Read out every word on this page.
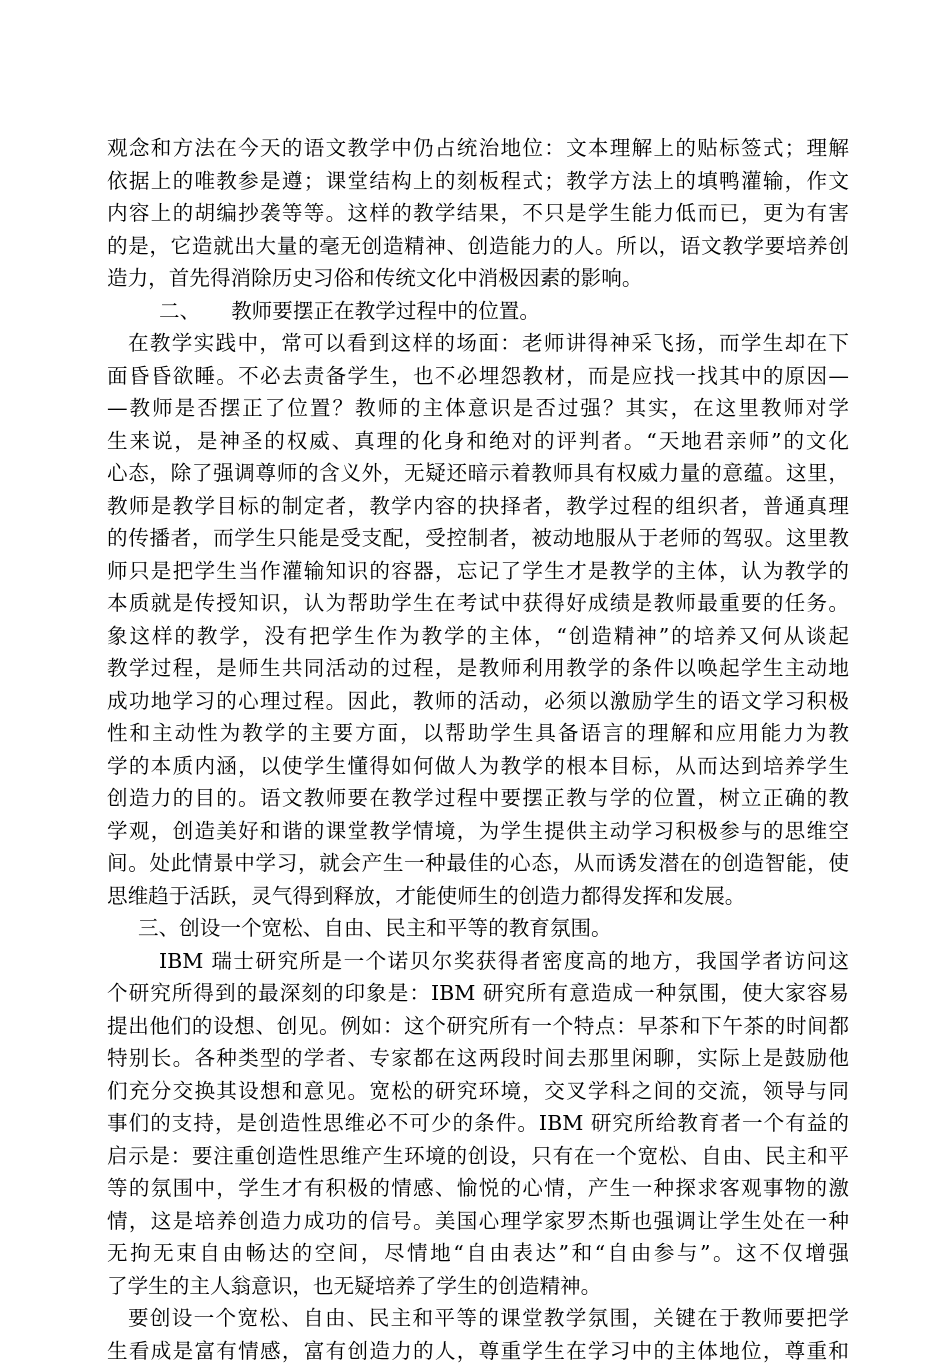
观念和方法在今天的语文教学中仍占统治地位：文本理解上的贴标签式；理解
依据上的唯教参是遵；课堂结构上的刻板程式；教学方法上的填鸭灌输，作文
内容上的胡编抄袭等等。这样的教学结果，不只是学生能力低而已，更为有害
的是，它造就出大量的毫无创造精神、创造能力的人。所以，语文教学要培养创
造力，首先得消除历史习俗和传统文化中消极因素的影响。
二、　　教师要摆正在教学过程中的位置。
在教学实践中，常可以看到这样的场面：老师讲得神采飞扬，而学生却在下
面昏昏欲睡。不必去责备学生，也不必埋怨教材，而是应找一找其中的原因—
—教师是否摆正了位置？教师的主体意识是否过强？其实，在这里教师对学
生来说，是神圣的权威、真理的化身和绝对的评判者。“天地君亲师”的文化
心态，除了强调尊师的含义外，无疑还暗示着教师具有权威力量的意蕴。这里，
教师是教学目标的制定者，教学内容的抉择者，教学过程的组织者，普通真理
的传播者，而学生只能是受支配，受控制者，被动地服从于老师的驾驭。这里教
师只是把学生当作灌输知识的容器，忘记了学生才是教学的主体，认为教学的
本质就是传授知识，认为帮助学生在考试中获得好成绩是教师最重要的任务。
象这样的教学，没有把学生作为教学的主体，“创造精神”的培养又何从谈起
教学过程，是师生共同活动的过程，是教师利用教学的条件以唤起学生主动地
成功地学习的心理过程。因此，教师的活动，必须以激励学生的语文学习积极
性和主动性为教学的主要方面，以帮助学生具备语言的理解和应用能力为教
学的本质内涵，以使学生懂得如何做人为教学的根本目标，从而达到培养学生
创造力的目的。语文教师要在教学过程中要摆正教与学的位置，树立正确的教
学观，创造美好和谐的课堂教学情境，为学生提供主动学习积极参与的思维空
间。处此情景中学习，就会产生一种最佳的心态，从而诱发潜在的创造智能，使
思维趋于活跃，灵气得到释放，才能使师生的创造力都得发挥和发展。
三、创设一个宽松、自由、民主和平等的教育氛围。
IBM 瑞士研究所是一个诺贝尔奖获得者密度高的地方，我国学者访问这
个研究所得到的最深刻的印象是：IBM 研究所有意造成一种氛围，使大家容易
提出他们的设想、创见。例如：这个研究所有一个特点：早茶和下午茶的时间都
特别长。各种类型的学者、专家都在这两段时间去那里闲聊，实际上是鼓励他
们充分交换其设想和意见。宽松的研究环境，交叉学科之间的交流，领导与同
事们的支持，是创造性思维必不可少的条件。IBM 研究所给教育者一个有益的
启示是：要注重创造性思维产生环境的创设，只有在一个宽松、自由、民主和平
等的氛围中，学生才有积极的情感、愉悦的心情，产生一种探求客观事物的激
情，这是培养创造力成功的信号。美国心理学家罗杰斯也强调让学生处在一种
无拘无束自由畅达的空间，尽情地“自由表达”和“自由参与”。这不仅增强
了学生的主人翁意识，也无疑培养了学生的创造精神。
要创设一个宽松、自由、民主和平等的课堂教学氛围，关键在于教师要把学
生看成是富有情感，富有创造力的人，尊重学生在学习中的主体地位，尊重和
